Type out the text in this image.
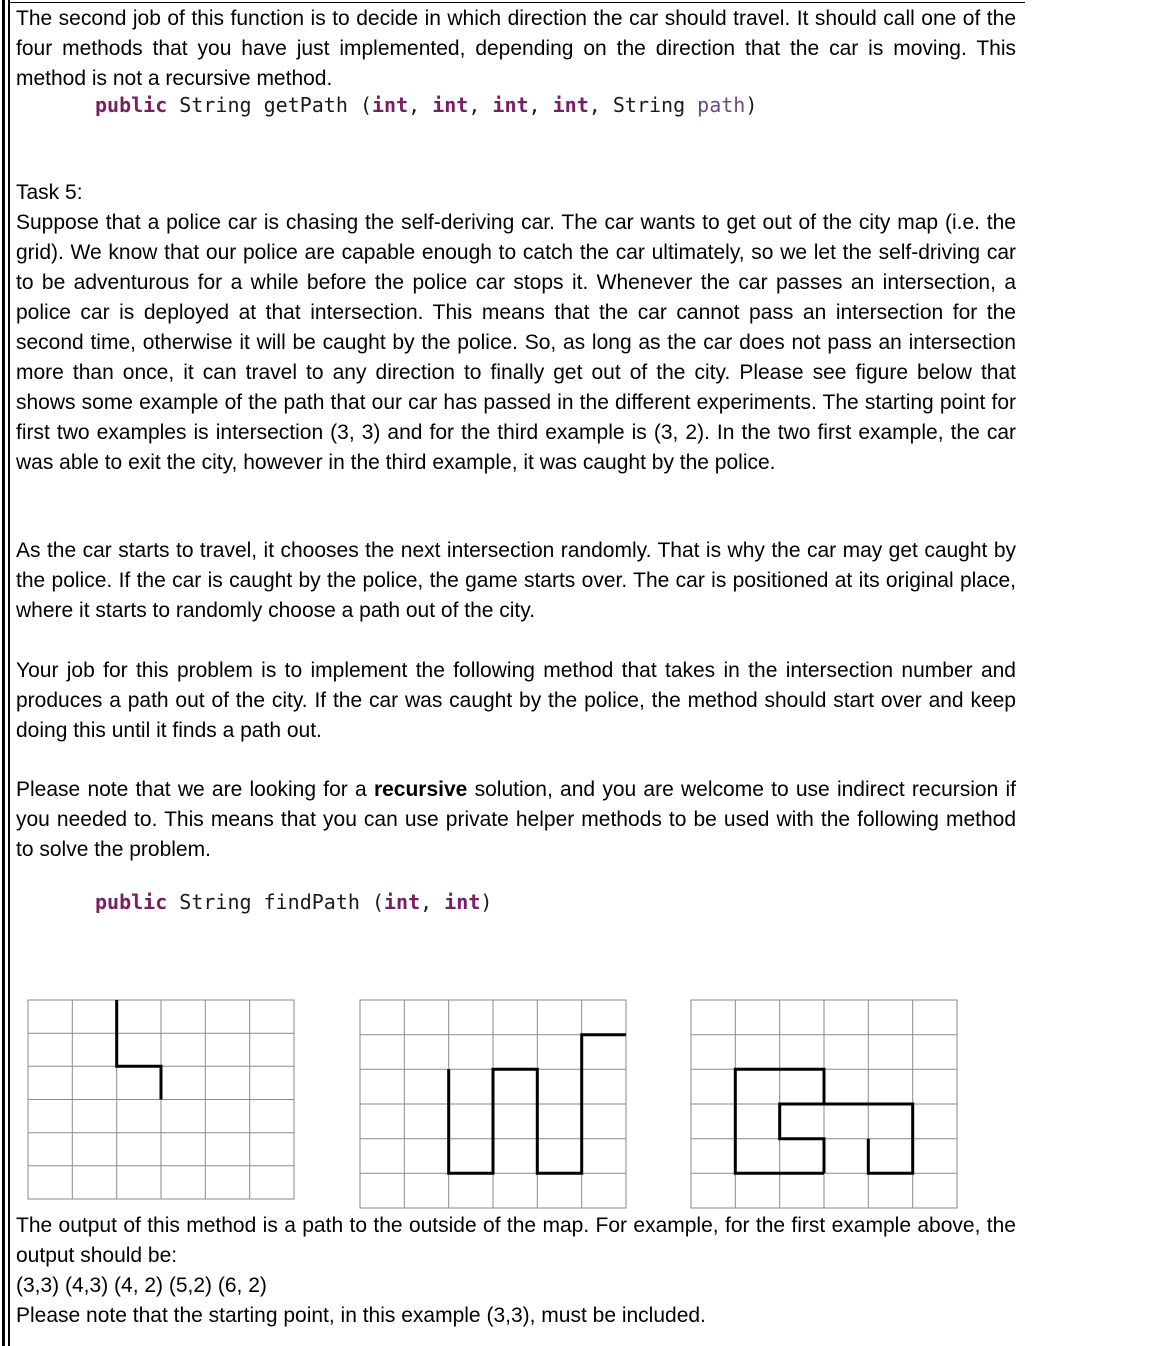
The second job of this function is to decide in which direction the car should travel. It should call one of the four methods that you have just implemented, depending on the direction that the car is moving. This method is not a recursive method.

public String getPath (int, int, int, int, String path)

Task 5:

Suppose that a police car is chasing the self-deriving car. The car wants to get out of the city map (i.e. the grid). We know that our police are capable enough to catch the car ultimately, so we let the self-driving car to be adventurous for a while before the police car stops it. Whenever the car passes an intersection, a police car is deployed at that intersection. This means that the car cannot pass an intersection for the second time, otherwise it will be caught by the police. So, as long as the car does not pass an intersection more than once, it can travel to any direction to finally get out of the city. Please see figure below that shows some example of the path that our car has passed in the different experiments. The starting point for first two examples is intersection (3, 3) and for the third example is (3, 2). In the two first example, the car was able to exit the city, however in the third example, it was caught by the police.

As the car starts to travel, it chooses the next intersection randomly. That is why the car may get caught by the police. If the car is caught by the police, the game starts over. The car is positioned at its original place, where it starts to randomly choose a path out of the city.

Your job for this problem is to implement the following method that takes in the intersection number and produces a path out of the city. If the car was caught by the police, the method should start over and keep doing this until it finds a path out.

Please note that we are looking for a recursive solution, and you are welcome to use indirect recursion if you needed to. This means that you can use private helper methods to be used with the following method to solve the problem.

public String findPath (int, int)

The output of this method is a path to the outside of the map. For example, for the first example above, the output should be:

(3,3) (4,3) (4, 2) (5,2) (6, 2)

Please note that the starting point, in this example (3,3), must be included.
